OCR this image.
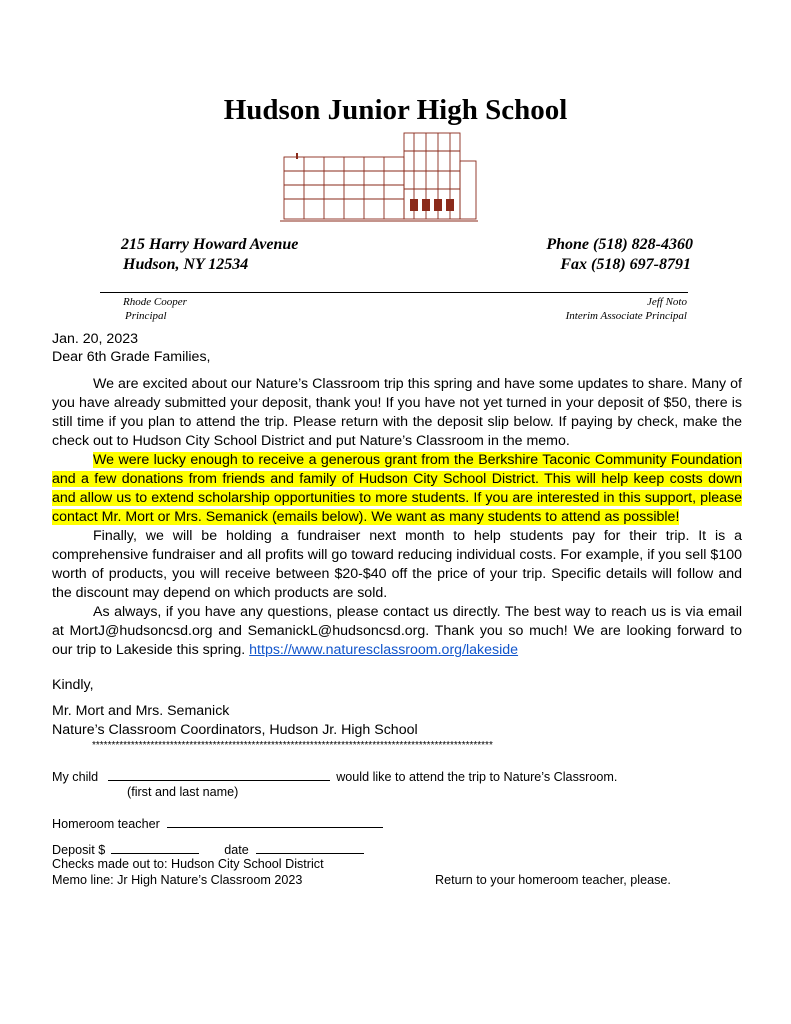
Hudson Junior High School
215 Harry Howard Avenue
Hudson, NY 12534
Phone (518) 828-4360
Fax (518) 697-8791
Rhode Cooper
Principal
Jeff Noto
Interim Associate Principal
Jan. 20, 2023
Dear 6th Grade Families,

We are excited about our Nature’s Classroom trip this spring and have some updates to share. Many of you have already submitted your deposit, thank you! If you have not yet turned in your deposit of $50, there is still time if you plan to attend the trip. Please return with the deposit slip below. If paying by check, make the check out to Hudson City School District and put Nature’s Classroom in the memo.

We were lucky enough to receive a generous grant from the Berkshire Taconic Community Foundation and a few donations from friends and family of Hudson City School District. This will help keep costs down and allow us to extend scholarship opportunities to more students. If you are interested in this support, please contact Mr. Mort or Mrs. Semanick (emails below). We want as many students to attend as possible!

Finally, we will be holding a fundraiser next month to help students pay for their trip. It is a comprehensive fundraiser and all profits will go toward reducing individual costs. For example, if you sell $100 worth of products, you will receive between $20-$40 off the price of your trip. Specific details will follow and the discount may depend on which products are sold.

As always, if you have any questions, please contact us directly. The best way to reach us is via email at MortJ@hudsoncsd.org and SemanickL@hudsoncsd.org. Thank you so much! We are looking forward to our trip to Lakeside this spring. https://www.naturesclassroom.org/lakeside

Kindly,
Mr. Mort and Mrs. Semanick
Nature’s Classroom Coordinators, Hudson Jr. High School
*******************************************************************************************************
My child	would like to attend the trip to Nature’s Classroom.
(first and last name)
Homeroom teacher
Deposit $	date
Checks made out to: Hudson City School District
Memo line: Jr High Nature’s Classroom 2023	Return to your homeroom teacher, please.
